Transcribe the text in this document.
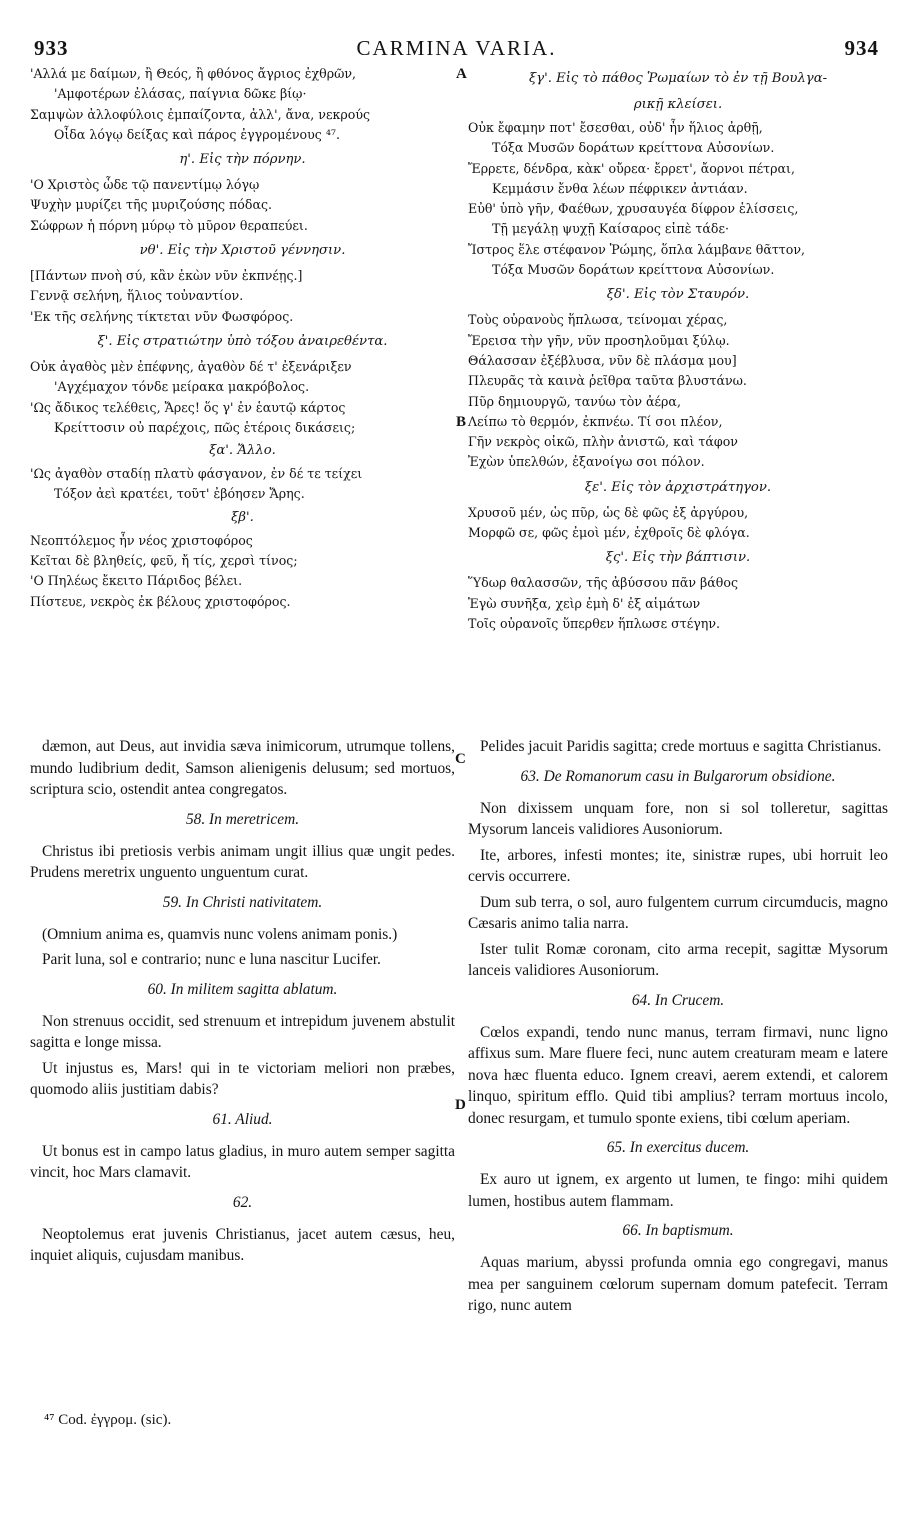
933	CARMINA VARIA.	934
'Αλλά με δαίμων, ἢ Θεός, ἢ φθόνος ἄγριος ἐχθρῶν,
'Αμφοτέρων ἐλάσας, παίγνια δῶκε βίῳ·
Σαμψὼν ἀλλοφύλοις ἐμπαίζοντα, ἀλλ', ἄνα, νεκρούς
Οἶδα λόγῳ δείξας καὶ πάρος ἐγγρομένους ⁴⁷.
η'. Εἰς τὴν πόρνην.
'Ο Χριστὸς ὧδε τῷ πανεντίμῳ λόγῳ
Ψυχὴν μυρίζει τῆς μυριζούσης πόδας.
Σώφρων ἡ πόρνη μύρῳ τὸ μῦρον θεραπεύει.
νθ'. Εἰς τὴν Χριστοῦ γέννησιν.
[Πάντων πνοὴ σύ, κἂν ἐκὼν νῦν ἐκπνέῃς.]
Γεννᾷ σελήνη, ἥλιος τοὐναντίον.
'Εκ τῆς σελήνης τίκτεται νῦν Φωσφόρος.
ξ'. Εἰς στρατιώτην ὑπὸ τόξου ἀναιρεθέντα.
Οὐκ ἀγαθὸς μὲν ἐπέφνης, ἀγαθὸν δέ τ' ἐξενάριξεν
'Αγχέμαχον τόνδε μείρακα μακρόβολος.
'Ως ἄδικος τελέθεις, Ἄρες! ὅς γ' ἐν ἑαυτῷ κάρτος
Κρείττοσιν οὐ παρέχοις, πῶς ἑτέροις δικάσεις;
ξα'. Ἄλλο.
'Ως ἀγαθὸν σταδίῃ πλατὺ φάσγανον, ἐν δέ τε τείχει
Τόξον ἀεὶ κρατέει, τοῦτ' ἐβόησεν Ἄρης.
ξβ'.
Νεοπτόλεμος ἦν νέος χριστοφόρος
Κεῖται δὲ βληθείς, φεῦ, ἤ τίς, χερσὶ τίνος;
'Ο Πηλέως ἔκειτο Πάριδος βέλει.
Πίστευε, νεκρὸς ἐκ βέλους χριστοφόρος.
ξγ'. Εἰς τὸ πάθος Ῥωμαίων τὸ ἐν τῇ Βουλγα-
ρικῇ κλείσει.
Οὐκ ἔφαμην ποτ' ἔσεσθαι, οὐδ' ἦν ἥλιος ἀρθῇ,
Τόξα Μυσῶν δοράτων κρείττονα Αὐσονίων.
Ἔρρετε, δένδρα, κὰκ' οὔρεα· ἔρρετ', ἄορνοι πέτραι,
Κεμμάσιν ἔνθα λέων πέφρικεν ἀντιάαν.
Εὐθ' ὑπὸ γῆν, Φαέθων, χρυσαυγέα δίφρον ἑλίσσεις,
Τῇ μεγάλῃ ψυχῇ Καίσαρος εἰπὲ τάδε·
Ἴστρος ἕλε στέφανον Ῥώμης, ὅπλα λάμβανε θᾶττον,
Τόξα Μυσῶν δοράτων κρείττονα Αὐσονίων.
ξδ'. Εἰς τὸν Σταυρόν.
Τοὺς οὐρανοὺς ἥπλωσα, τείνομαι χέρας,
Ἔρεισα τὴν γῆν, νῦν προσηλοῦμαι ξύλῳ.
Θάλασσαν ἐξέβλυσα, νῦν δὲ πλάσμα μου]
Πλευρᾶς τὰ καινὰ ῥεῖθρα ταῦτα βλυστάνω.
Πῦρ δημιουργῶ, τανύω τὸν ἀέρα,
Λείπω τὸ θερμόν, ἐκπνέω. Τί σοι πλέον,
Γῆν νεκρὸς οἰκῶ, πλὴν ἀνιστῶ, καὶ τάφον
Ἐχὼν ὑπελθών, ἐξανοίγω σοι πόλον.
ξε'. Εἰς τὸν ἀρχιστράτηγον.
Χρυσοῦ μέν, ὡς πῦρ, ὡς δὲ φῶς ἐξ ἀργύρου,
Μορφῶ σε, φῶς ἐμοὶ μέν, ἐχθροῖς δὲ φλόγα.
ξς'. Εἰς τὴν βάπτισιν.
Ὕδωρ θαλασσῶν, τῆς ἀβύσσου πᾶν βάθος
Ἐγὼ συνῆξα, χεὶρ ἐμὴ δ' ἐξ αἱμάτων
Τοῖς οὐρανοῖς ὕπερθεν ἥπλωσε στέγην.
dæmon, aut Deus, aut invidia sæva inimicorum, utrumque tollens, mundo ludibrium dedit, Samson alienigenis delusum; sed mortuos, scriptura scio, ostendit antea congregatos.
58. In meretricem.
Christus ibi pretiosis verbis animam ungit illius quæ ungit pedes. Prudens meretrix unguento unguentum curat.
59. In Christi nativitatem.
(Omnium anima es, quamvis nunc volens animam ponis.)
Parit luna, sol e contrario; nunc e luna nascitur Lucifer.
60. In militem sagitta ablatum.
Non strenuus occidit, sed strenuum et intrepidum juvenem abstulit sagitta e longe missa.
Ut injustus es, Mars! qui in te victoriam meliori non præbes, quomodo aliis justitiam dabis?
61. Aliud.
Ut bonus est in campo latus gladius, in muro autem semper sagitta vincit, hoc Mars clamavit.
62.
Neoptolemus erat juvenis Christianus, jacet autem cæsus, heu, inquiet aliquis, cujusdam manibus.
Pelides jacuit Paridis sagitta; crede mortuus e sagitta Christianus.
63. De Romanorum casu in Bulgarorum obsidione.
Non dixissem unquam fore, non si sol tolleretur, sagittas Mysorum lanceis validiores Ausoniorum.
Ite, arbores, infesti montes; ite, sinistræ rupes, ubi horruit leo cervis occurrere.
Dum sub terra, o sol, auro fulgentem currum circumducis, magno Cæsaris animo talia narra.
Ister tulit Romæ coronam, cito arma recepit, sagittæ Mysorum lanceis validiores Ausoniorum.
64. In Crucem.
Cœlos expandi, tendo nunc manus, terram firmavi, nunc ligno affixus sum. Mare fluere feci, nunc autem creaturam meam e latere nova hæc fluenta educo. Ignem creavi, aerem extendi, et calorem linquo, spiritum efflo. Quid tibi amplius? terram mortuus incolo, donec resurgam, et tumulo sponte exiens, tibi cœlum aperiam.
65. In exercitus ducem.
Ex auro ut ignem, ex argento ut lumen, te fingo: mihi quidem lumen, hostibus autem flammam.
66. In baptismum.
Aquas marium, abyssi profunda omnia ego congregavi, manus mea per sanguinem cœlorum supernam domum patefecit. Terram rigo, nunc autem
A
B
C
D
⁴⁷ Cod. ἐγγρομ. (sic).
